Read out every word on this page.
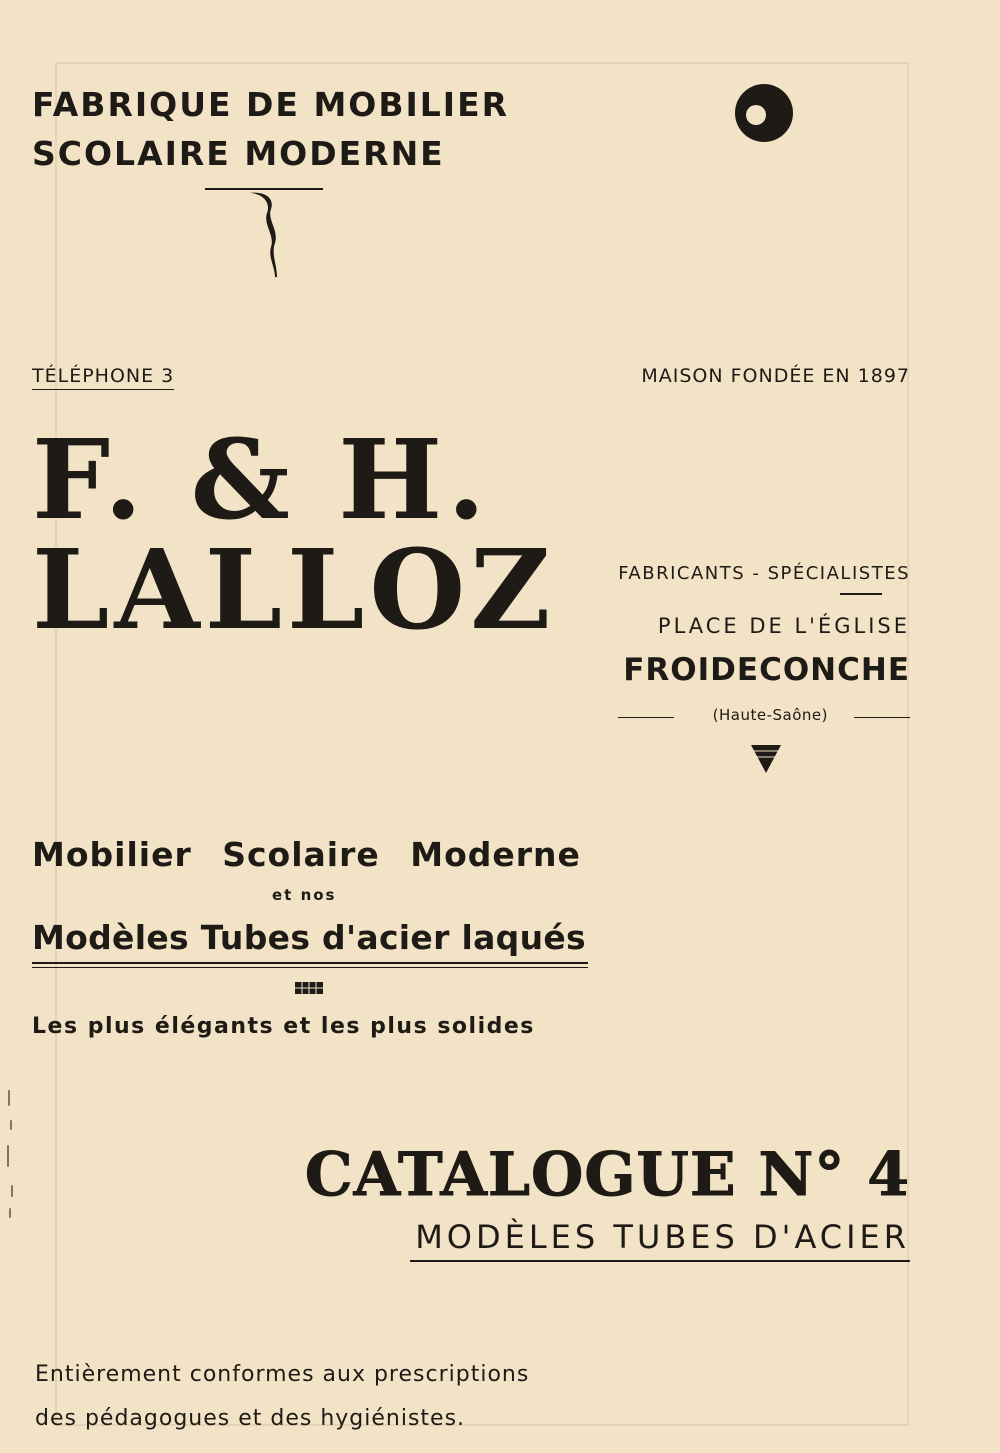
FABRIQUE DE MOBILIER
SCOLAIRE MODERNE
TÉLÉPHONE 3	MAISON FONDÉE EN 1897
F. & H. LALLOZ	FABRICANTS - SPÉCIALISTES
PLACE DE L'ÉGLISE
FROIDECONCHE
(Haute-Saône)
Mobilier Scolaire Moderne
et nos
Modèles Tubes d'acier laqués
Les plus élégants et les plus solides
CATALOGUE N° 4
MODÈLES TUBES D'ACIER
Entièrement conformes aux prescriptions
des pédagogues et des hygiénistes.
